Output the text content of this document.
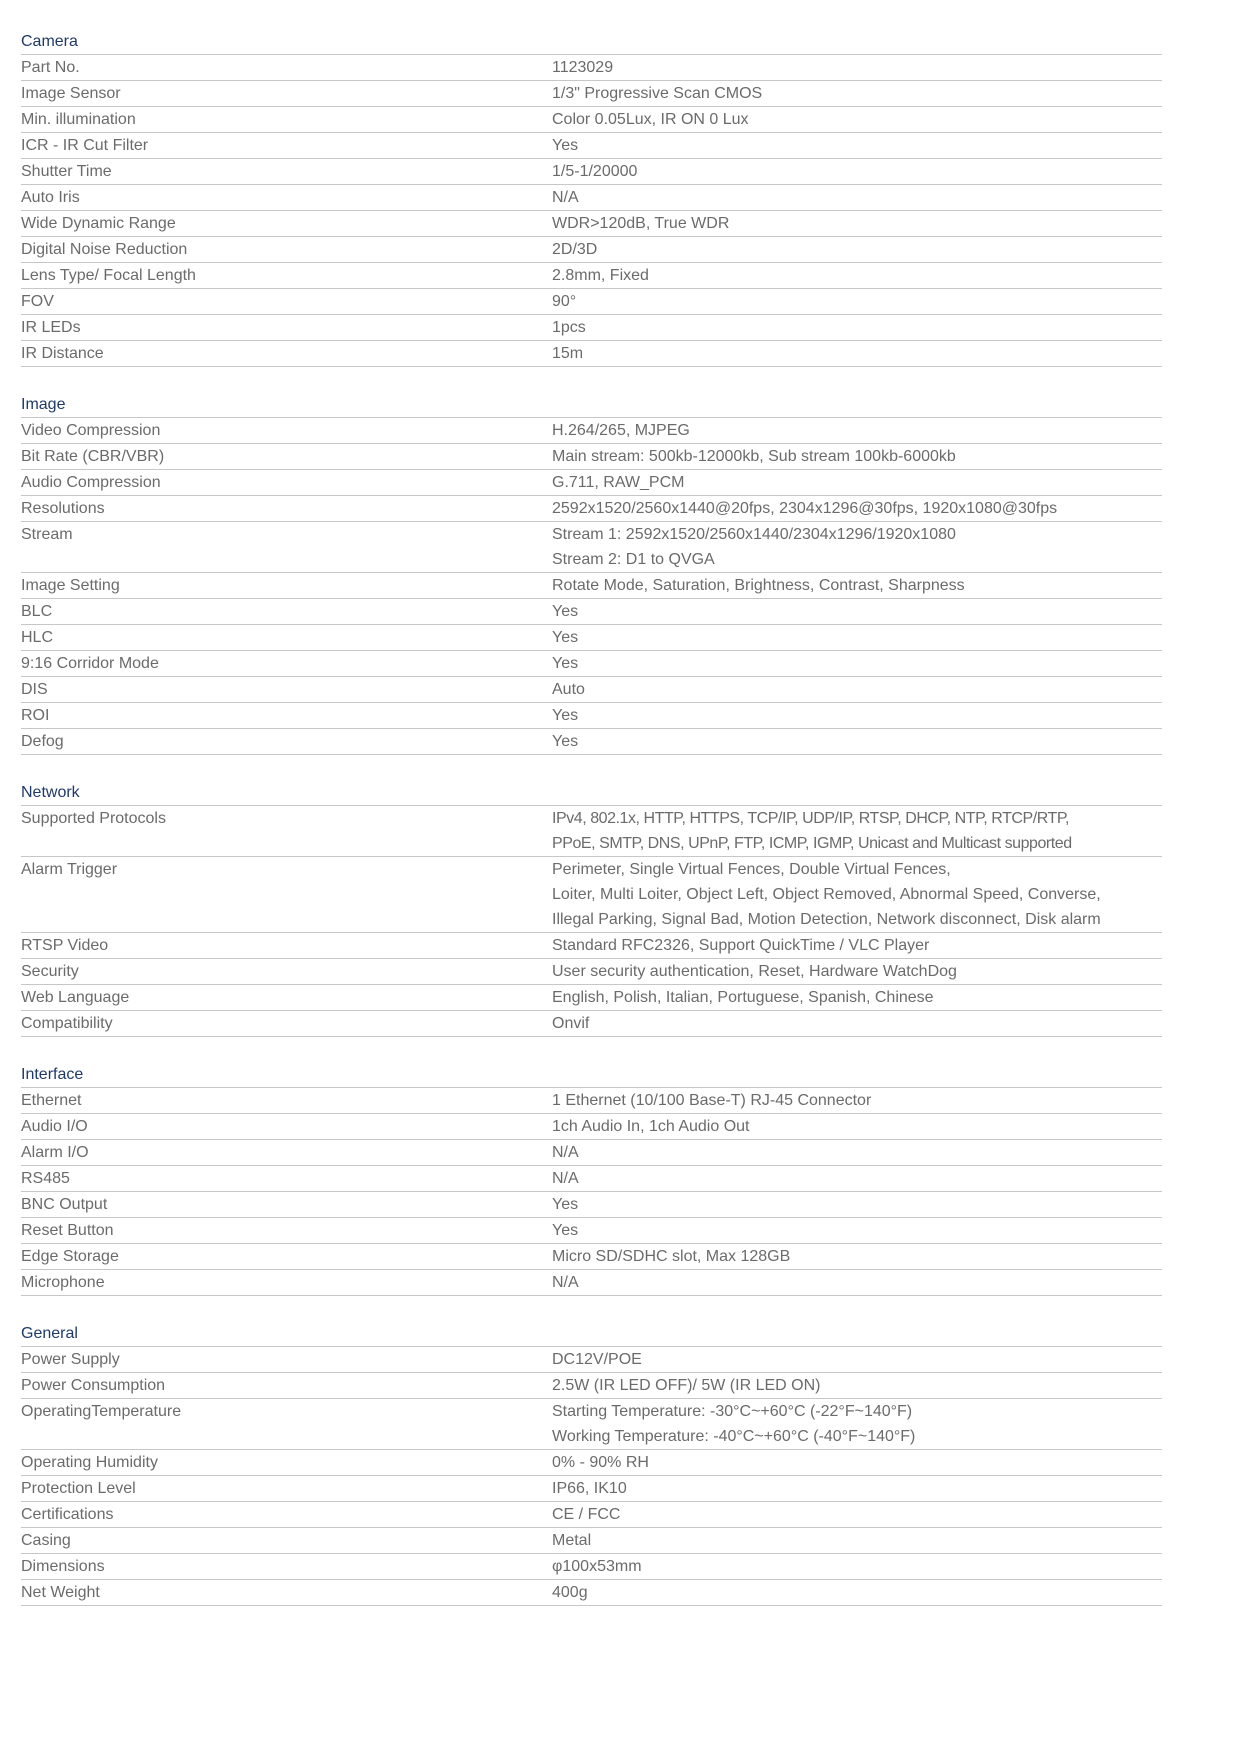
Camera
Part No.	1123029
Image Sensor	1/3" Progressive Scan CMOS
Min. illumination	Color 0.05Lux, IR ON 0 Lux
ICR - IR Cut Filter	Yes
Shutter Time	1/5-1/20000
Auto Iris	N/A
Wide Dynamic Range	WDR>120dB, True WDR
Digital Noise Reduction	2D/3D
Lens Type/ Focal Length	2.8mm, Fixed
FOV	90°
IR LEDs	1pcs
IR Distance	15m
Image
Video Compression	H.264/265, MJPEG
Bit Rate (CBR/VBR)	Main stream: 500kb-12000kb, Sub stream 100kb-6000kb
Audio Compression	G.711, RAW_PCM
Resolutions	2592x1520/2560x1440@20fps, 2304x1296@30fps, 1920x1080@30fps
Stream	Stream 1: 2592x1520/2560x1440/2304x1296/1920x1080
Stream 2: D1 to QVGA
Image Setting	Rotate Mode, Saturation, Brightness, Contrast, Sharpness
BLC	Yes
HLC	Yes
9:16 Corridor Mode	Yes
DIS	Auto
ROI	Yes
Defog	Yes
Network
Supported Protocols	IPv4, 802.1x, HTTP, HTTPS, TCP/IP, UDP/IP, RTSP, DHCP, NTP, RTCP/RTP,
PPoE, SMTP, DNS, UPnP, FTP, ICMP, IGMP, Unicast and Multicast supported
Alarm Trigger	Perimeter, Single Virtual Fences, Double Virtual Fences,
Loiter, Multi Loiter, Object Left, Object Removed, Abnormal Speed, Converse,
Illegal Parking, Signal Bad, Motion Detection, Network disconnect, Disk alarm
RTSP Video	Standard RFC2326, Support QuickTime / VLC Player
Security	User security authentication, Reset, Hardware WatchDog
Web Language	English, Polish, Italian, Portuguese, Spanish, Chinese
Compatibility	Onvif
Interface
Ethernet	1 Ethernet (10/100 Base-T) RJ-45 Connector
Audio I/O	1ch Audio In, 1ch Audio Out
Alarm I/O	N/A
RS485	N/A
BNC Output	Yes
Reset Button	Yes
Edge Storage	Micro SD/SDHC slot, Max 128GB
Microphone	N/A
General
Power Supply	DC12V/POE
Power Consumption	2.5W (IR LED OFF)/ 5W (IR LED ON)
OperatingTemperature	Starting Temperature: -30°C~+60°C (-22°F~140°F)
Working Temperature: -40°C~+60°C (-40°F~140°F)
Operating Humidity	0% - 90% RH
Protection Level	IP66, IK10
Certifications	CE / FCC
Casing	Metal
Dimensions	φ100x53mm
Net Weight	400g
